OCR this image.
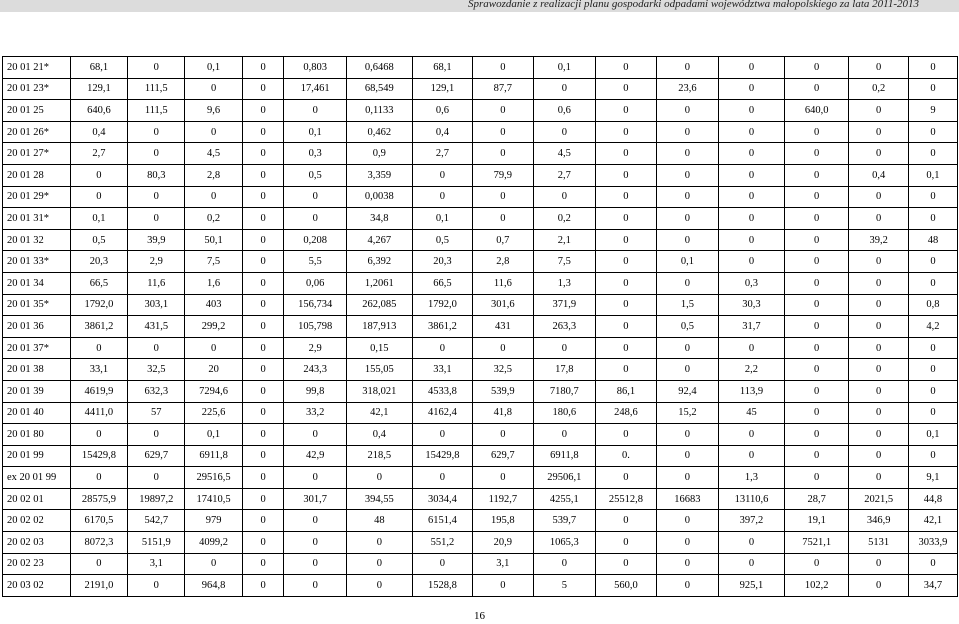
Sprawozdanie z realizacji planu gospodarki odpadami województwa małopolskiego za lata 2011-2013
20 01 21*	68,1	0	0,1	0	0,803	0,6468	68,1	0	0,1	0	0	0	0	0	0
20 01 23*	129,1	111,5	0	0	17,461	68,549	129,1	87,7	0	0	23,6	0	0	0,2	0
20 01 25	640,6	111,5	9,6	0	0	0,1133	0,6	0	0,6	0	0	0	640,0	0	9
20 01 26*	0,4	0	0	0	0,1	0,462	0,4	0	0	0	0	0	0	0	0
20 01 27*	2,7	0	4,5	0	0,3	0,9	2,7	0	4,5	0	0	0	0	0	0
20 01 28	0	80,3	2,8	0	0,5	3,359	0	79,9	2,7	0	0	0	0	0,4	0,1
20 01 29*	0	0	0	0	0	0,0038	0	0	0	0	0	0	0	0	0
20 01 31*	0,1	0	0,2	0	0	34,8	0,1	0	0,2	0	0	0	0	0	0
20 01 32	0,5	39,9	50,1	0	0,208	4,267	0,5	0,7	2,1	0	0	0	0	39,2	48
20 01 33*	20,3	2,9	7,5	0	5,5	6,392	20,3	2,8	7,5	0	0,1	0	0	0	0
20 01 34	66,5	11,6	1,6	0	0,06	1,2061	66,5	11,6	1,3	0	0	0,3	0	0	0
20 01 35*	1792,0	303,1	403	0	156,734	262,085	1792,0	301,6	371,9	0	1,5	30,3	0	0	0,8
20 01 36	3861,2	431,5	299,2	0	105,798	187,913	3861,2	431	263,3	0	0,5	31,7	0	0	4,2
20 01 37*	0	0	0	0	2,9	0,15	0	0	0	0	0	0	0	0	0
20 01 38	33,1	32,5	20	0	243,3	155,05	33,1	32,5	17,8	0	0	2,2	0	0	0
20 01 39	4619,9	632,3	7294,6	0	99,8	318,021	4533,8	539,9	7180,7	86,1	92,4	113,9	0	0	0
20 01 40	4411,0	57	225,6	0	33,2	42,1	4162,4	41,8	180,6	248,6	15,2	45	0	0	0
20 01 80	0	0	0,1	0	0	0,4	0	0	0	0	0	0	0	0	0,1
20 01 99	15429,8	629,7	6911,8	0	42,9	218,5	15429,8	629,7	6911,8	0.	0	0	0	0	0
ex 20 01 99	0	0	29516,5	0	0	0	0	0	29506,1	0	0	1,3	0	0	9,1
20 02 01	28575,9	19897,2	17410,5	0	301,7	394,55	3034,4	1192,7	4255,1	25512,8	16683	13110,6	28,7	2021,5	44,8
20 02 02	6170,5	542,7	979	0	0	48	6151,4	195,8	539,7	0	0	397,2	19,1	346,9	42,1
20 02 03	8072,3	5151,9	4099,2	0	0	0	551,2	20,9	1065,3	0	0	0	7521,1	5131	3033,9
20 02 23	0	3,1	0	0	0	0	0	3,1	0	0	0	0	0	0	0
20 03 02	2191,0	0	964,8	0	0	0	1528,8	0	5	560,0	0	925,1	102,2	0	34,7
16
